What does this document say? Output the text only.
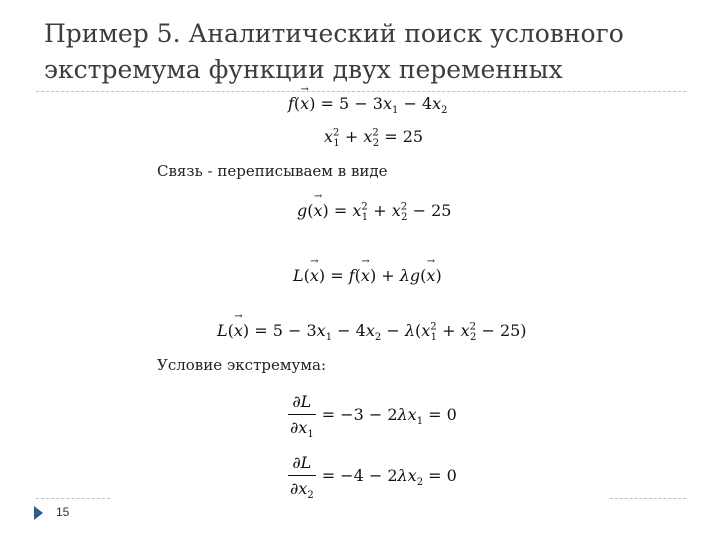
Пример 5. Аналитический поиск условного экстремума функции двух переменных
f(x →) = $5 - 3x_1 - 4x_2$
$x^2_1 + x^2_2 = 25$
Связь - переписываем в виде
g(x →) = $x^2_1 + x^2_2 - 25$
L(x →) = f(x →) + λg(x →)
L(x →) = $5 - 3x_1 - 4x_2 - \lambda(x^2_1 + x^2_2 - 25)$
Условие экстремума:
$\frac{\partial L}{\partial x_1} = -3 - 2\lambda x_1 = 0$
$\frac{\partial L}{\partial x_2} = -4 - 2\lambda x_2 = 0$
15
